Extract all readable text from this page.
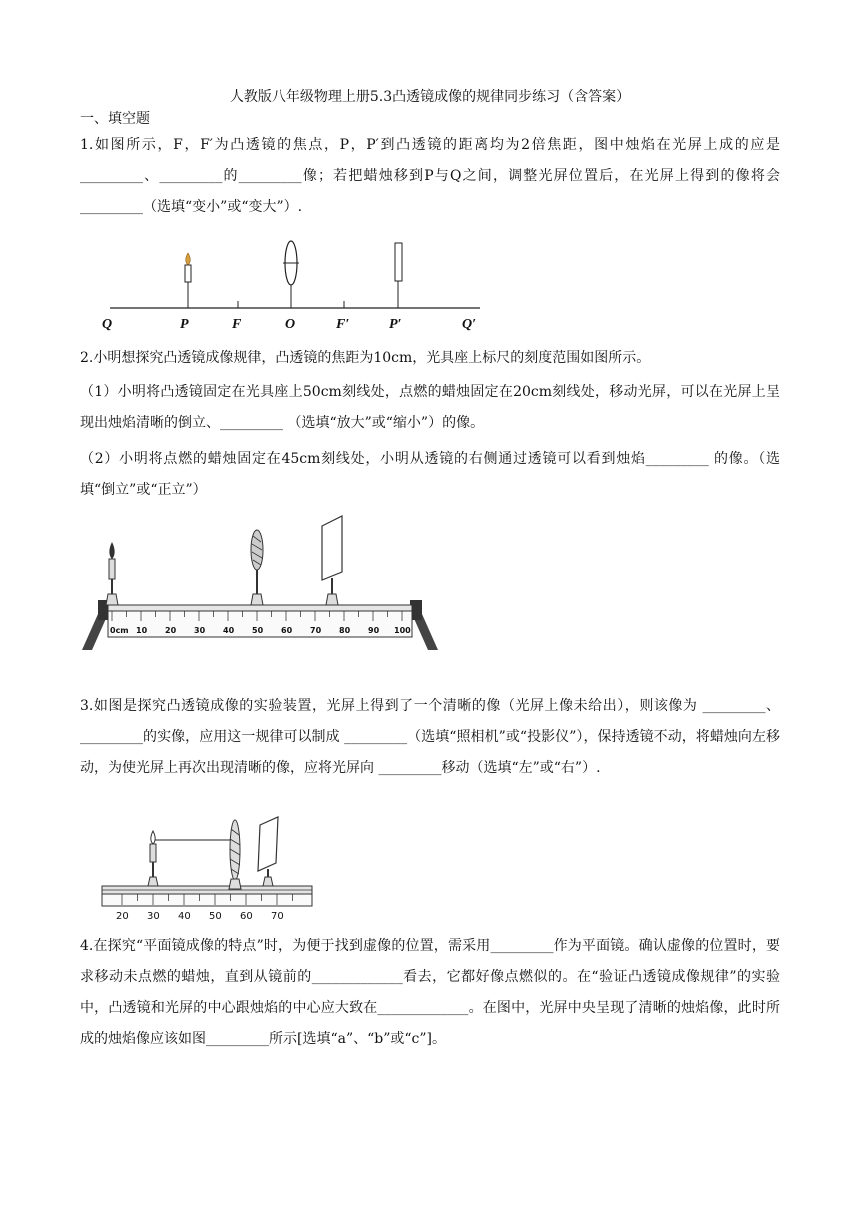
人教版八年级物理上册5.3凸透镜成像的规律同步练习（含答案）
一、填空题
1.如图所示，F，F′为凸透镜的焦点，P，P′到凸透镜的距离均为2倍焦距，图中烛焰在光屏上成的应是_________、_________的_________像；若把蜡烛移到P与Q之间，调整光屏位置后，在光屏上得到的像将会_________（选填“变小”或“变大”）.
Q	P	F	O	F′	P′	Q′
2.小明想探究凸透镜成像规律，凸透镜的焦距为10cm，光具座上标尺的刻度范围如图所示。
（1）小明将凸透镜固定在光具座上50cm刻线处，点燃的蜡烛固定在20cm刻线处，移动光屏，可以在光屏上呈现出烛焰清晰的倒立、_________ （选填“放大”或“缩小”）的像。
（2）小明将点燃的蜡烛固定在45cm刻线处，小明从透镜的右侧通过透镜可以看到烛焰_________ 的像。（选填“倒立”或“正立”）
0cm 10 20 30 40 50 60 70 80 90 100
3.如图是探究凸透镜成像的实验装置，光屏上得到了一个清晰的像（光屏上像未给出），则该像为 _________、 _________的实像，应用这一规律可以制成 _________（选填“照相机”或“投影仪”），保持透镜不动，将蜡烛向左移动，为使光屏上再次出现清晰的像，应将光屏向 _________移动（选填“左”或“右”）.
20 30 40 50 60 70
4.在探究“平面镜成像的特点”时，为便于找到虚像的位置，需采用_________作为平面镜。确认虚像的位置时，要求移动未点燃的蜡烛，直到从镜前的_____________看去，它都好像点燃似的。在“验证凸透镜成像规律”的实验中，凸透镜和光屏的中心跟烛焰的中心应大致在_____________。在图中，光屏中央呈现了清晰的烛焰像，此时所成的烛焰像应该如图_________所示[选填“a”、“b”或“c”]。
